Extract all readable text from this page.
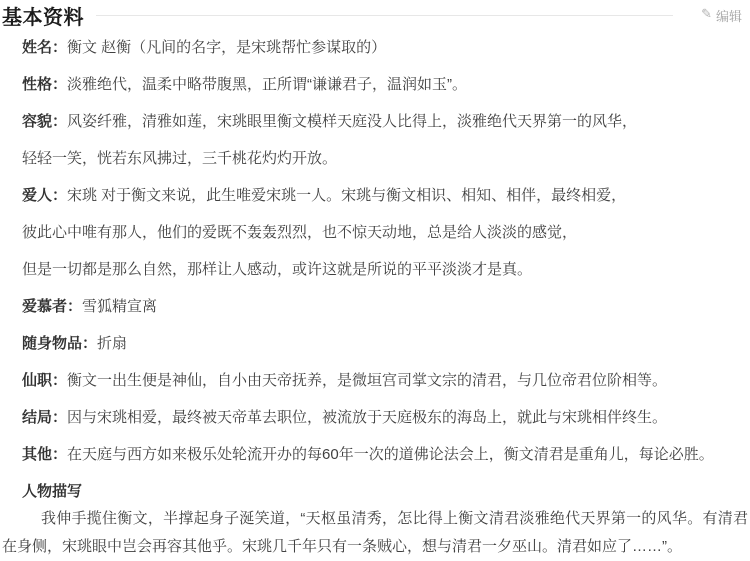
基本资料	✎ 编辑

姓名：衡文 赵衡（凡间的名字，是宋珧帮忙参谋取的）

性格：淡雅绝代，温柔中略带腹黑，正所谓“谦谦君子，温润如玉”。

容貌：风姿纤雅，清雅如莲，宋珧眼里衡文模样天庭没人比得上，淡雅绝代天界第一的风华，

轻轻一笑，恍若东风拂过，三千桃花灼灼开放。

爱人：宋珧 对于衡文来说，此生唯爱宋珧一人。宋珧与衡文相识、相知、相伴，最终相爱，

彼此心中唯有那人，他们的爱既不轰轰烈烈，也不惊天动地，总是给人淡淡的感觉，

但是一切都是那么自然，那样让人感动，或许这就是所说的平平淡淡才是真。

爱慕者：雪狐精宣离

随身物品：折扇

仙职：衡文一出生便是神仙，自小由天帝抚养，是微垣宫司掌文宗的清君，与几位帝君位阶相等。

结局：因与宋珧相爱，最终被天帝革去职位，被流放于天庭极东的海岛上，就此与宋珧相伴终生。

其他：在天庭与西方如来极乐处轮流开办的每60年一次的道佛论法会上，衡文清君是重角儿，每论必胜。

人物描写

我伸手揽住衡文，半撑起身子涎笑道，“天枢虽清秀，怎比得上衡文清君淡雅绝代天界第一的风华。有清君在身侧，宋珧眼中岂会再容其他乎。宋珧几千年只有一条贼心，想与清君一夕巫山。清君如应了……”。
